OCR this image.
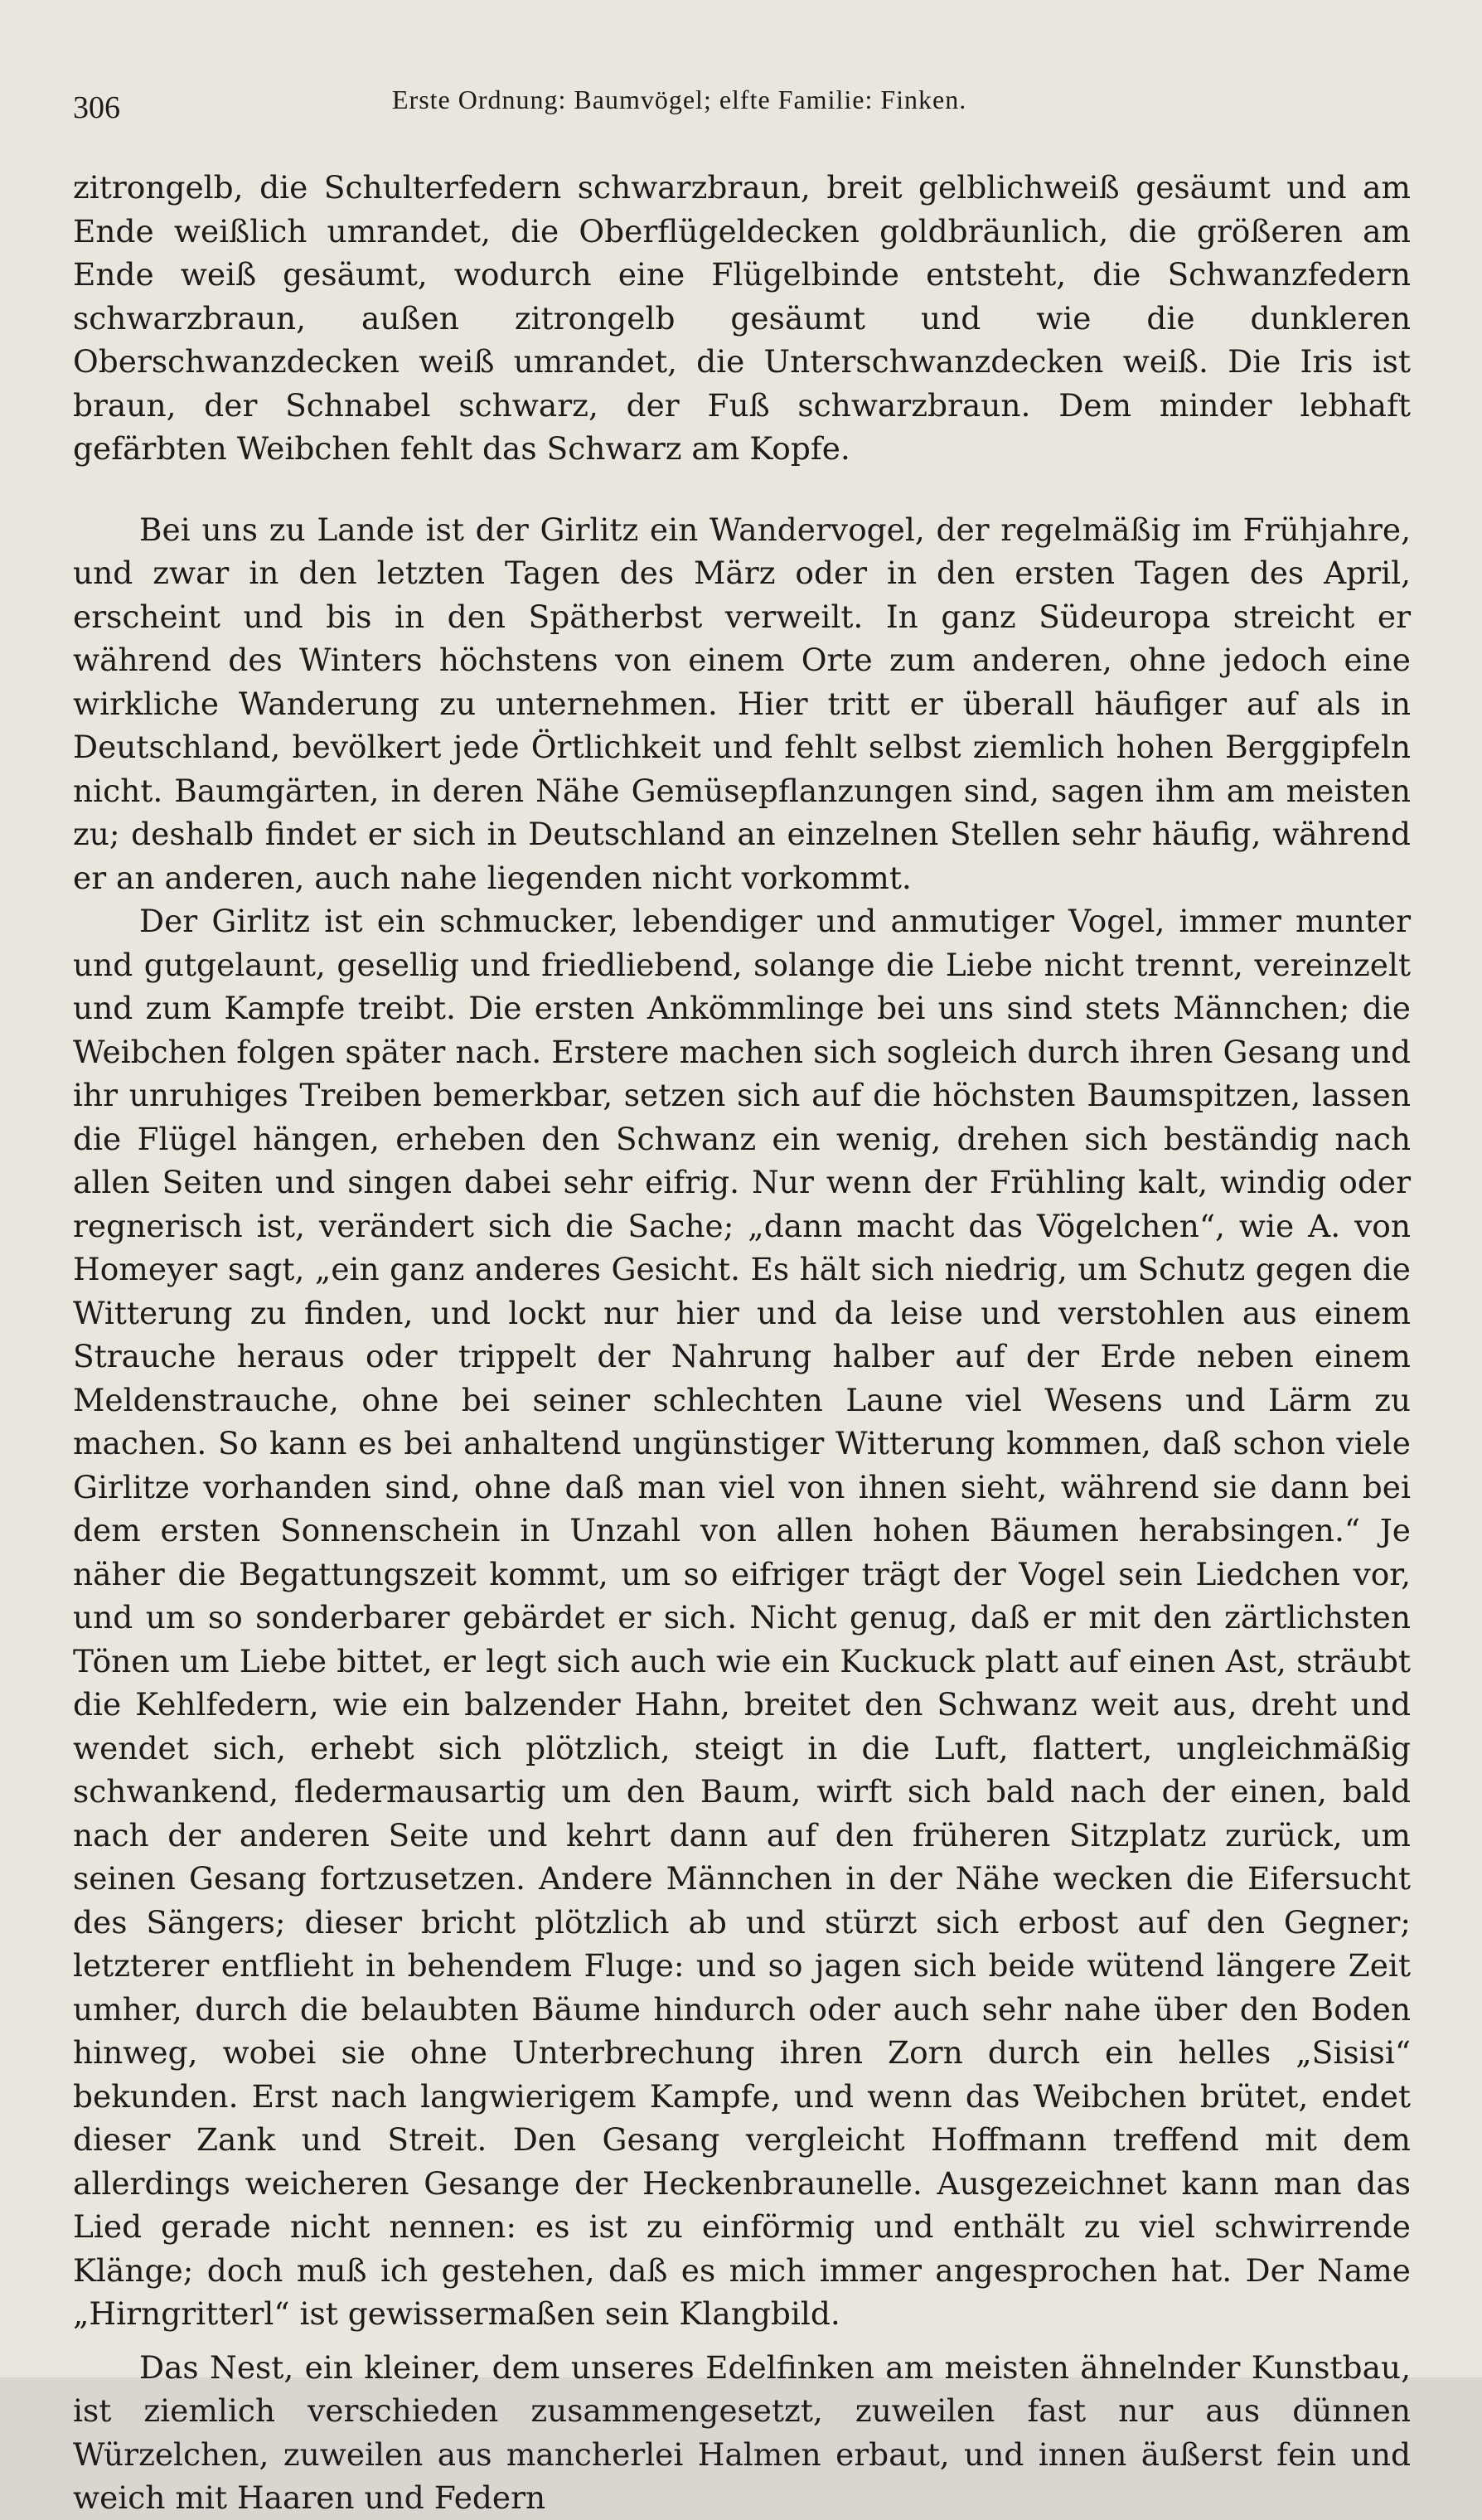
306	Erste Ordnung: Baumvögel; elfte Familie: Finken.

zitrongelb, die Schulterfedern schwarzbraun, breit gelblichweiß gesäumt und am Ende weißlich umrandet, die Oberflügeldecken goldbräunlich, die größeren am Ende weiß gesäumt, wodurch eine Flügelbinde entsteht, die Schwanzfedern schwarzbraun, außen zitrongelb gesäumt und wie die dunkleren Oberschwanzdecken weiß umrandet, die Unterschwanzdecken weiß. Die Iris ist braun, der Schnabel schwarz, der Fuß schwarzbraun. Dem minder lebhaft gefärbten Weibchen fehlt das Schwarz am Kopfe.

Bei uns zu Lande ist der Girlitz ein Wandervogel, der regelmäßig im Frühjahre, und zwar in den letzten Tagen des März oder in den ersten Tagen des April, erscheint und bis in den Spätherbst verweilt. In ganz Südeuropa streicht er während des Winters höchstens von einem Orte zum anderen, ohne jedoch eine wirkliche Wanderung zu unternehmen. Hier tritt er überall häufiger auf als in Deutschland, bevölkert jede Örtlichkeit und fehlt selbst ziemlich hohen Berggipfeln nicht. Baumgärten, in deren Nähe Gemüsepflanzungen sind, sagen ihm am meisten zu; deshalb findet er sich in Deutschland an einzelnen Stellen sehr häufig, während er an anderen, auch nahe liegenden nicht vorkommt.

Der Girlitz ist ein schmucker, lebendiger und anmutiger Vogel, immer munter und gutgelaunt, gesellig und friedliebend, solange die Liebe nicht trennt, vereinzelt und zum Kampfe treibt. Die ersten Ankömmlinge bei uns sind stets Männchen; die Weibchen folgen später nach. Erstere machen sich sogleich durch ihren Gesang und ihr unruhiges Treiben bemerkbar, setzen sich auf die höchsten Baumspitzen, lassen die Flügel hängen, erheben den Schwanz ein wenig, drehen sich beständig nach allen Seiten und singen dabei sehr eifrig. Nur wenn der Frühling kalt, windig oder regnerisch ist, verändert sich die Sache; „dann macht das Vögelchen“, wie A. von Homeyer sagt, „ein ganz anderes Gesicht. Es hält sich niedrig, um Schutz gegen die Witterung zu finden, und lockt nur hier und da leise und verstohlen aus einem Strauche heraus oder trippelt der Nahrung halber auf der Erde neben einem Meldenstrauche, ohne bei seiner schlechten Laune viel Wesens und Lärm zu machen. So kann es bei anhaltend ungünstiger Witterung kommen, daß schon viele Girlitze vorhanden sind, ohne daß man viel von ihnen sieht, während sie dann bei dem ersten Sonnenschein in Unzahl von allen hohen Bäumen herabsingen.“ Je näher die Begattungszeit kommt, um so eifriger trägt der Vogel sein Liedchen vor, und um so sonderbarer gebärdet er sich. Nicht genug, daß er mit den zärtlichsten Tönen um Liebe bittet, er legt sich auch wie ein Kuckuck platt auf einen Ast, sträubt die Kehlfedern, wie ein balzender Hahn, breitet den Schwanz weit aus, dreht und wendet sich, erhebt sich plötzlich, steigt in die Luft, flattert, ungleichmäßig schwankend, fledermausartig um den Baum, wirft sich bald nach der einen, bald nach der anderen Seite und kehrt dann auf den früheren Sitzplatz zurück, um seinen Gesang fortzusetzen. Andere Männchen in der Nähe wecken die Eifersucht des Sängers; dieser bricht plötzlich ab und stürzt sich erbost auf den Gegner; letzterer entflieht in behendem Fluge: und so jagen sich beide wütend längere Zeit umher, durch die belaubten Bäume hindurch oder auch sehr nahe über den Boden hinweg, wobei sie ohne Unterbrechung ihren Zorn durch ein helles „Sisisi“ bekunden. Erst nach langwierigem Kampfe, und wenn das Weibchen brütet, endet dieser Zank und Streit. Den Gesang vergleicht Hoffmann treffend mit dem allerdings weicheren Gesange der Heckenbraunelle. Ausgezeichnet kann man das Lied gerade nicht nennen: es ist zu einförmig und enthält zu viel schwirrende Klänge; doch muß ich gestehen, daß es mich immer angesprochen hat. Der Name „Hirngritterl“ ist gewissermaßen sein Klangbild.

Das Nest, ein kleiner, dem unseres Edelfinken am meisten ähnelnder Kunstbau, ist ziemlich verschieden zusammengesetzt, zuweilen fast nur aus dünnen Würzelchen, zuweilen aus mancherlei Halmen erbaut, und innen äußerst fein und weich mit Haaren und Federn
